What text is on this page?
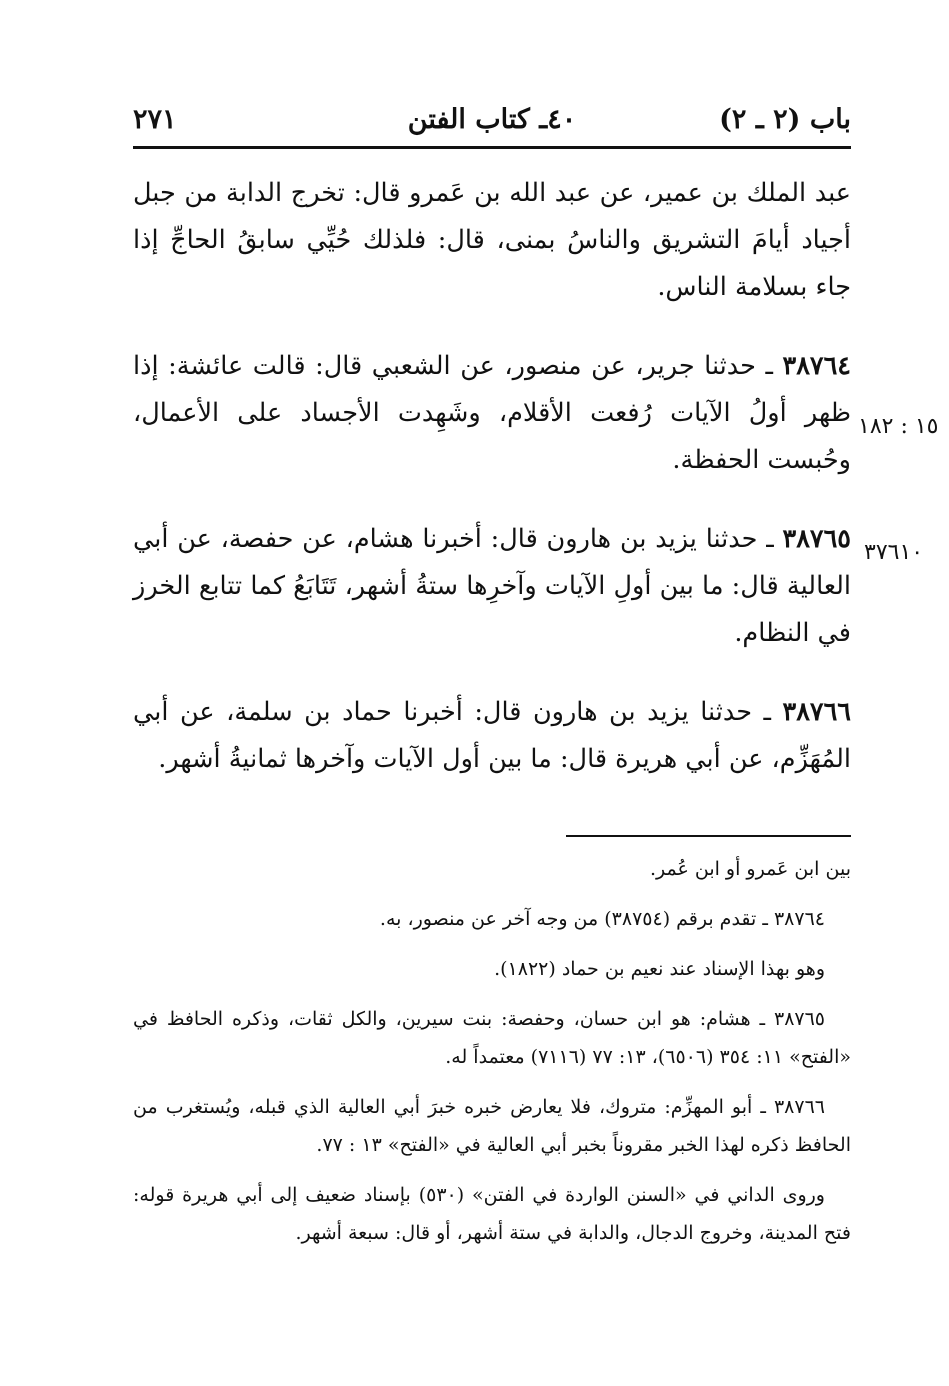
باب (٢ ـ ٢)
٤٠ـ كتاب الفتن
٢٧١

عبد الملك بن عمير، عن عبد الله بن عَمرو قال: تخرج الدابة من جبل أجياد أيامَ التشريق والناسُ بمنى، قال: فلذلك حُيِّي سابقُ الحاجِّ إذا جاء بسلامة الناس.

٣٨٧٦٤ ـ حدثنا جرير، عن منصور، عن الشعبي قال: قالت عائشة: إذا ظهر أولُ الآيات رُفعت الأقلام، وشَهِدت الأجساد على الأعمال، وحُبست الحفظة.

٣٨٧٦٥ ـ حدثنا يزيد بن هارون قال: أخبرنا هشام، عن حفصة، عن أبي العالية قال: ما بين أولِ الآيات وآخرِها ستةُ أشهر، تَتَابَعُ كما تتابع الخرز في النظام.

٣٨٧٦٦ ـ حدثنا يزيد بن هارون قال: أخبرنا حماد بن سلمة، عن أبي المُهَزِّم، عن أبي هريرة قال: ما بين أول الآيات وآخرها ثمانيةُ أشهر.

١٥ : ١٨٢
٣٧٦١٠

بين ابن عَمرو أو ابن عُمر.

٣٨٧٦٤ ـ تقدم برقم (٣٨٧٥٤) من وجه آخر عن منصور، به.

وهو بهذا الإسناد عند نعيم بن حماد (١٨٢٢).

٣٨٧٦٥ ـ هشام: هو ابن حسان، وحفصة: بنت سيرين، والكل ثقات، وذكره الحافظ في «الفتح» ١١: ٣٥٤ (٦٥٠٦)، ١٣: ٧٧ (٧١١٦) معتمداً له.

٣٨٧٦٦ ـ أبو المهزِّم: متروك، فلا يعارض خبره خبرَ أبي العالية الذي قبله، ويُستغرب من الحافظ ذكره لهذا الخبر مقروناً بخبر أبي العالية في «الفتح» ١٣ : ٧٧.

وروى الداني في «السنن الواردة في الفتن» (٥٣٠) بإسناد ضعيف إلى أبي هريرة قوله: فتح المدينة، وخروج الدجال، والدابة في ستة أشهر، أو قال: سبعة أشهر.
